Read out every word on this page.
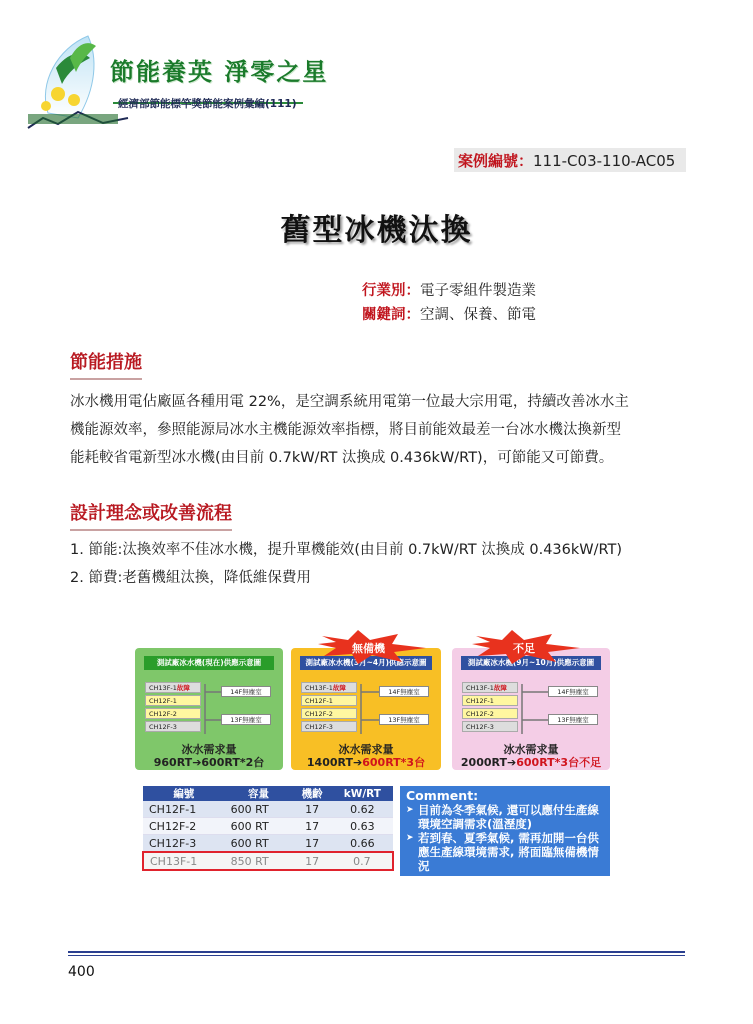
節能養英 淨零之星
經濟部節能標竿獎節能案例彙編(111)
案例編號：111-C03-110-AC05
舊型冰機汰換
行業別：電子零組件製造業
關鍵詞：空調、保養、節電
節能措施
冰水機用電佔廠區各種用電 22%，是空調系統用電第一位最大宗用電，持續改善冰水主
機能源效率，參照能源局冰水主機能源效率指標，將目前能效最差一台冰水機汰換新型
能耗較省電新型冰水機(由目前 0.7kW/RT 汰換成 0.436kW/RT)，可節能又可節費。
設計理念或改善流程
1. 節能:汰換效率不佳冰水機，提升單機能效(由目前 0.7kW/RT 汰換成 0.436kW/RT)
2. 節費:老舊機組汰換，降低維保費用
測試廠冰水機(現在)供應示意圖
CH13F-1故障
CH12F-1
CH12F-2
CH12F-3
14F無塵室
13F無塵室
冰水需求量
960RT➔600RT*2台
測試廠冰水機(3月~4月)供應示意圖
CH13F-1故障
CH12F-1
CH12F-2
CH12F-3
14F無塵室
13F無塵室
冰水需求量
1400RT➔600RT*3台
測試廠冰水機(9月~10月)供應示意圖
CH13F-1故障
CH12F-1
CH12F-2
CH12F-3
14F無塵室
13F無塵室
冰水需求量
2000RT➔600RT*3台不足
無備機	不足
編號	容量	機齡	kW/RT
CH12F-1	600 RT	17	0.62
CH12F-2	600 RT	17	0.63
CH12F-3	600 RT	17	0.66
CH13F-1	850 RT	17	0.7
Comment:
➤ 目前為冬季氣候, 還可以應付生產線環境空調需求(溫溼度)
➤ 若到春、夏季氣候, 需再加開一台供應生產線環境需求, 將面臨無備機情況
400
